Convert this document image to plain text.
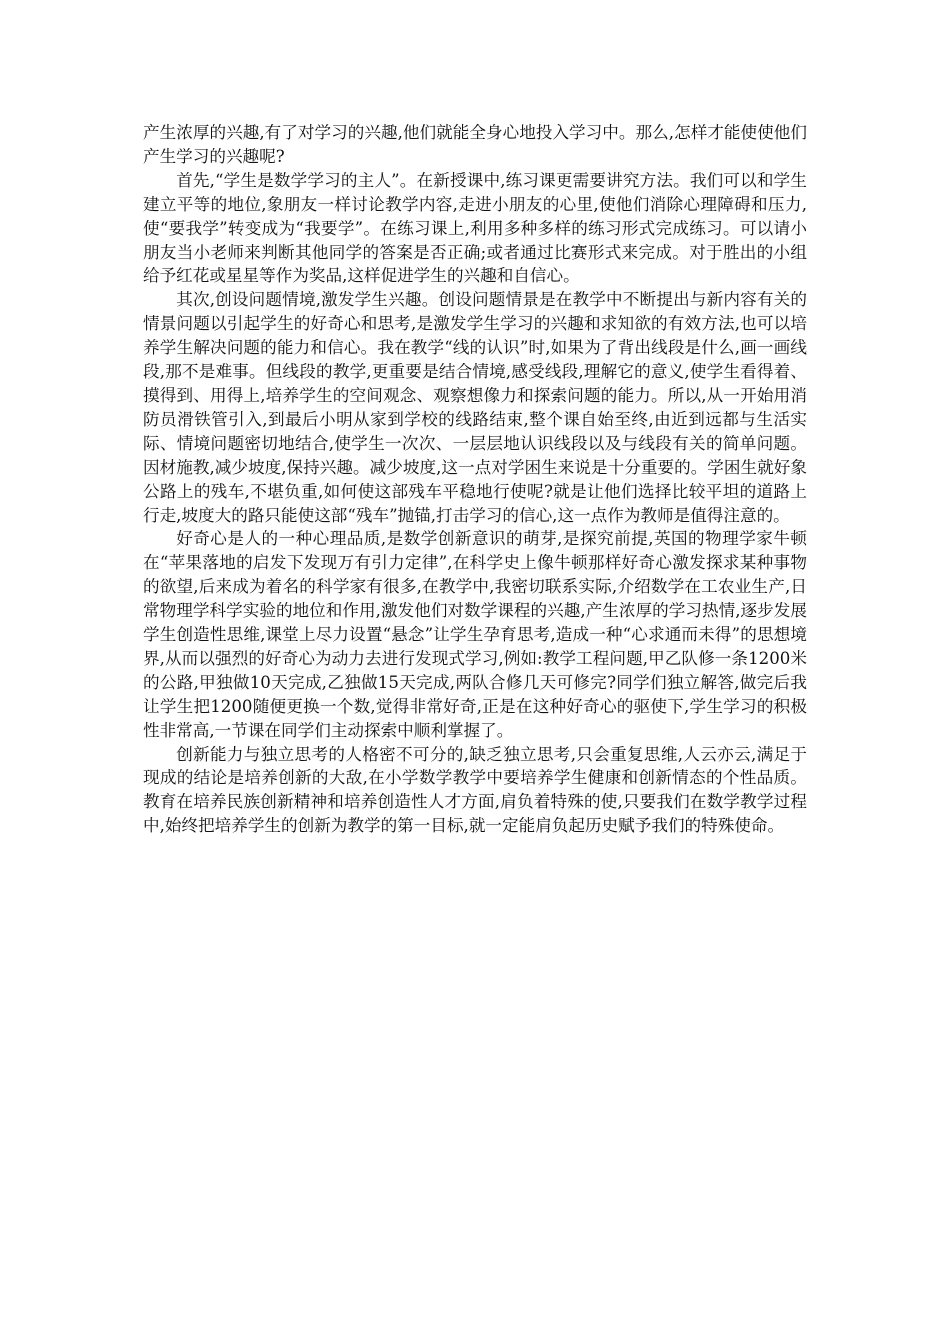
产生浓厚的兴趣,有了对学习的兴趣,他们就能全身心地投入学习中。那么,怎样才能使使他们产生学习的兴趣呢?

首先,“学生是数学学习的主人”。在新授课中,练习课更需要讲究方法。我们可以和学生建立平等的地位,象朋友一样讨论教学内容,走进小朋友的心里,使他们消除心理障碍和压力,使“要我学”转变成为“我要学”。在练习课上,利用多种多样的练习形式完成练习。可以请小朋友当小老师来判断其他同学的答案是否正确;或者通过比赛形式来完成。对于胜出的小组给予红花或星星等作为奖品,这样促进学生的兴趣和自信心。

其次,创设问题情境,激发学生兴趣。创设问题情景是在教学中不断提出与新内容有关的情景问题以引起学生的好奇心和思考,是激发学生学习的兴趣和求知欲的有效方法,也可以培养学生解决问题的能力和信心。我在教学“线的认识”时,如果为了背出线段是什么,画一画线段,那不是难事。但线段的教学,更重要是结合情境,感受线段,理解它的意义,使学生看得着、摸得到、用得上,培养学生的空间观念、观察想像力和探索问题的能力。所以,从一开始用消防员滑铁管引入,到最后小明从家到学校的线路结束,整个课自始至终,由近到远都与生活实际、情境问题密切地结合,使学生一次次、一层层地认识线段以及与线段有关的简单问题。因材施教,减少坡度,保持兴趣。减少坡度,这一点对学困生来说是十分重要的。学困生就好象公路上的残车,不堪负重,如何使这部残车平稳地行使呢?就是让他们选择比较平坦的道路上行走,坡度大的路只能使这部“残车”抛锚,打击学习的信心,这一点作为教师是值得注意的。

好奇心是人的一种心理品质,是数学创新意识的萌芽,是探究前提,英国的物理学家牛顿在“苹果落地的启发下发现万有引力定律”,在科学史上像牛顿那样好奇心激发探求某种事物的欲望,后来成为着名的科学家有很多,在教学中,我密切联系实际,介绍数学在工农业生产,日常物理学科学实验的地位和作用,激发他们对数学课程的兴趣,产生浓厚的学习热情,逐步发展学生创造性思维,课堂上尽力设置“悬念”让学生孕育思考,造成一种“心求通而未得”的思想境界,从而以强烈的好奇心为动力去进行发现式学习,例如:教学工程问题,甲乙队修一条1200米的公路,甲独做10天完成,乙独做15天完成,两队合修几天可修完?同学们独立解答,做完后我让学生把1200随便更换一个数,觉得非常好奇,正是在这种好奇心的驱使下,学生学习的积极性非常高,一节课在同学们主动探索中顺利掌握了。

创新能力与独立思考的人格密不可分的,缺乏独立思考,只会重复思维,人云亦云,满足于现成的结论是培养创新的大敌,在小学数学教学中要培养学生健康和创新情态的个性品质。教育在培养民族创新精神和培养创造性人才方面,肩负着特殊的使,只要我们在数学教学过程中,始终把培养学生的创新为教学的第一目标,就一定能肩负起历史赋予我们的特殊使命。
